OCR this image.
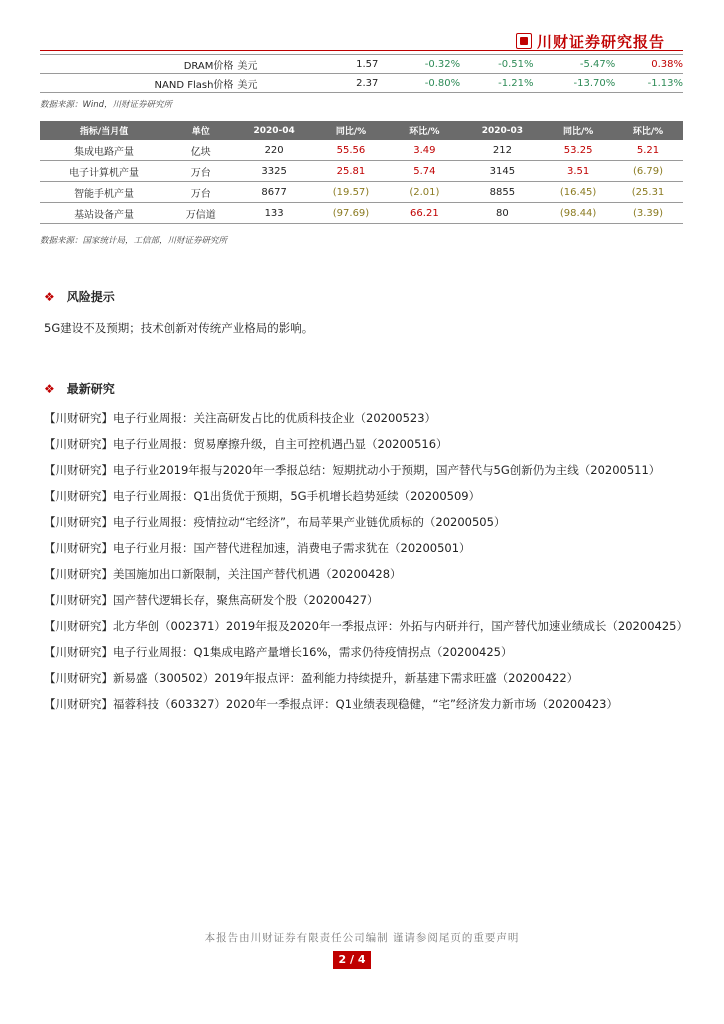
川财证券研究报告
DRAM价格	美元	1.57	-0.32%	-0.51%	-5.47%	0.38%
NAND Flash价格	美元	2.37	-0.80%	-1.21%	-13.70%	-1.13%
数据来源：Wind，川财证券研究所
指标/当月值	单位	2020-04	同比/%	环比/%	2020-03	同比/%	环比/%
集成电路产量	亿块	220	55.56	3.49	212	53.25	5.21
电子计算机产量	万台	3325	25.81	5.74	3145	3.51	(6.79)
智能手机产量	万台	8677	(19.57)	(2.01)	8855	(16.45)	(25.31
基站设备产量	万信道	133	(97.69)	66.21	80	(98.44)	(3.39)
数据来源：国家统计局，工信部，川财证券研究所
❖ 风险提示
5G建设不及预期；技术创新对传统产业格局的影响。
❖ 最新研究

【川财研究】电子行业周报：关注高研发占比的优质科技企业（20200523）

【川财研究】电子行业周报：贸易摩擦升级，自主可控机遇凸显（20200516）

【川财研究】电子行业2019年报与2020年一季报总结：短期扰动小于预期，国产替代与5G创新仍为主线（20200511）

【川财研究】电子行业周报：Q1出货优于预期，5G手机增长趋势延续（20200509）

【川财研究】电子行业周报：疫情拉动“宅经济”，布局苹果产业链优质标的（20200505）

【川财研究】电子行业月报：国产替代进程加速，消费电子需求犹在（20200501）

【川财研究】美国施加出口新限制，关注国产替代机遇（20200428）

【川财研究】国产替代逻辑长存，聚焦高研发个股（20200427）

【川财研究】北方华创（002371）2019年报及2020年一季报点评：外拓与内研并行，国产替代加速业绩成长（20200425）

【川财研究】电子行业周报：Q1集成电路产量增长16%，需求仍待疫情拐点（20200425）

【川财研究】新易盛（300502）2019年报点评：盈利能力持续提升，新基建下需求旺盛（20200422）

【川财研究】福蓉科技（603327）2020年一季报点评：Q1业绩表现稳健，“宅”经济发力新市场（20200423）

本报告由川财证券有限责任公司编制 谨请参阅尾页的重要声明
2 / 4
